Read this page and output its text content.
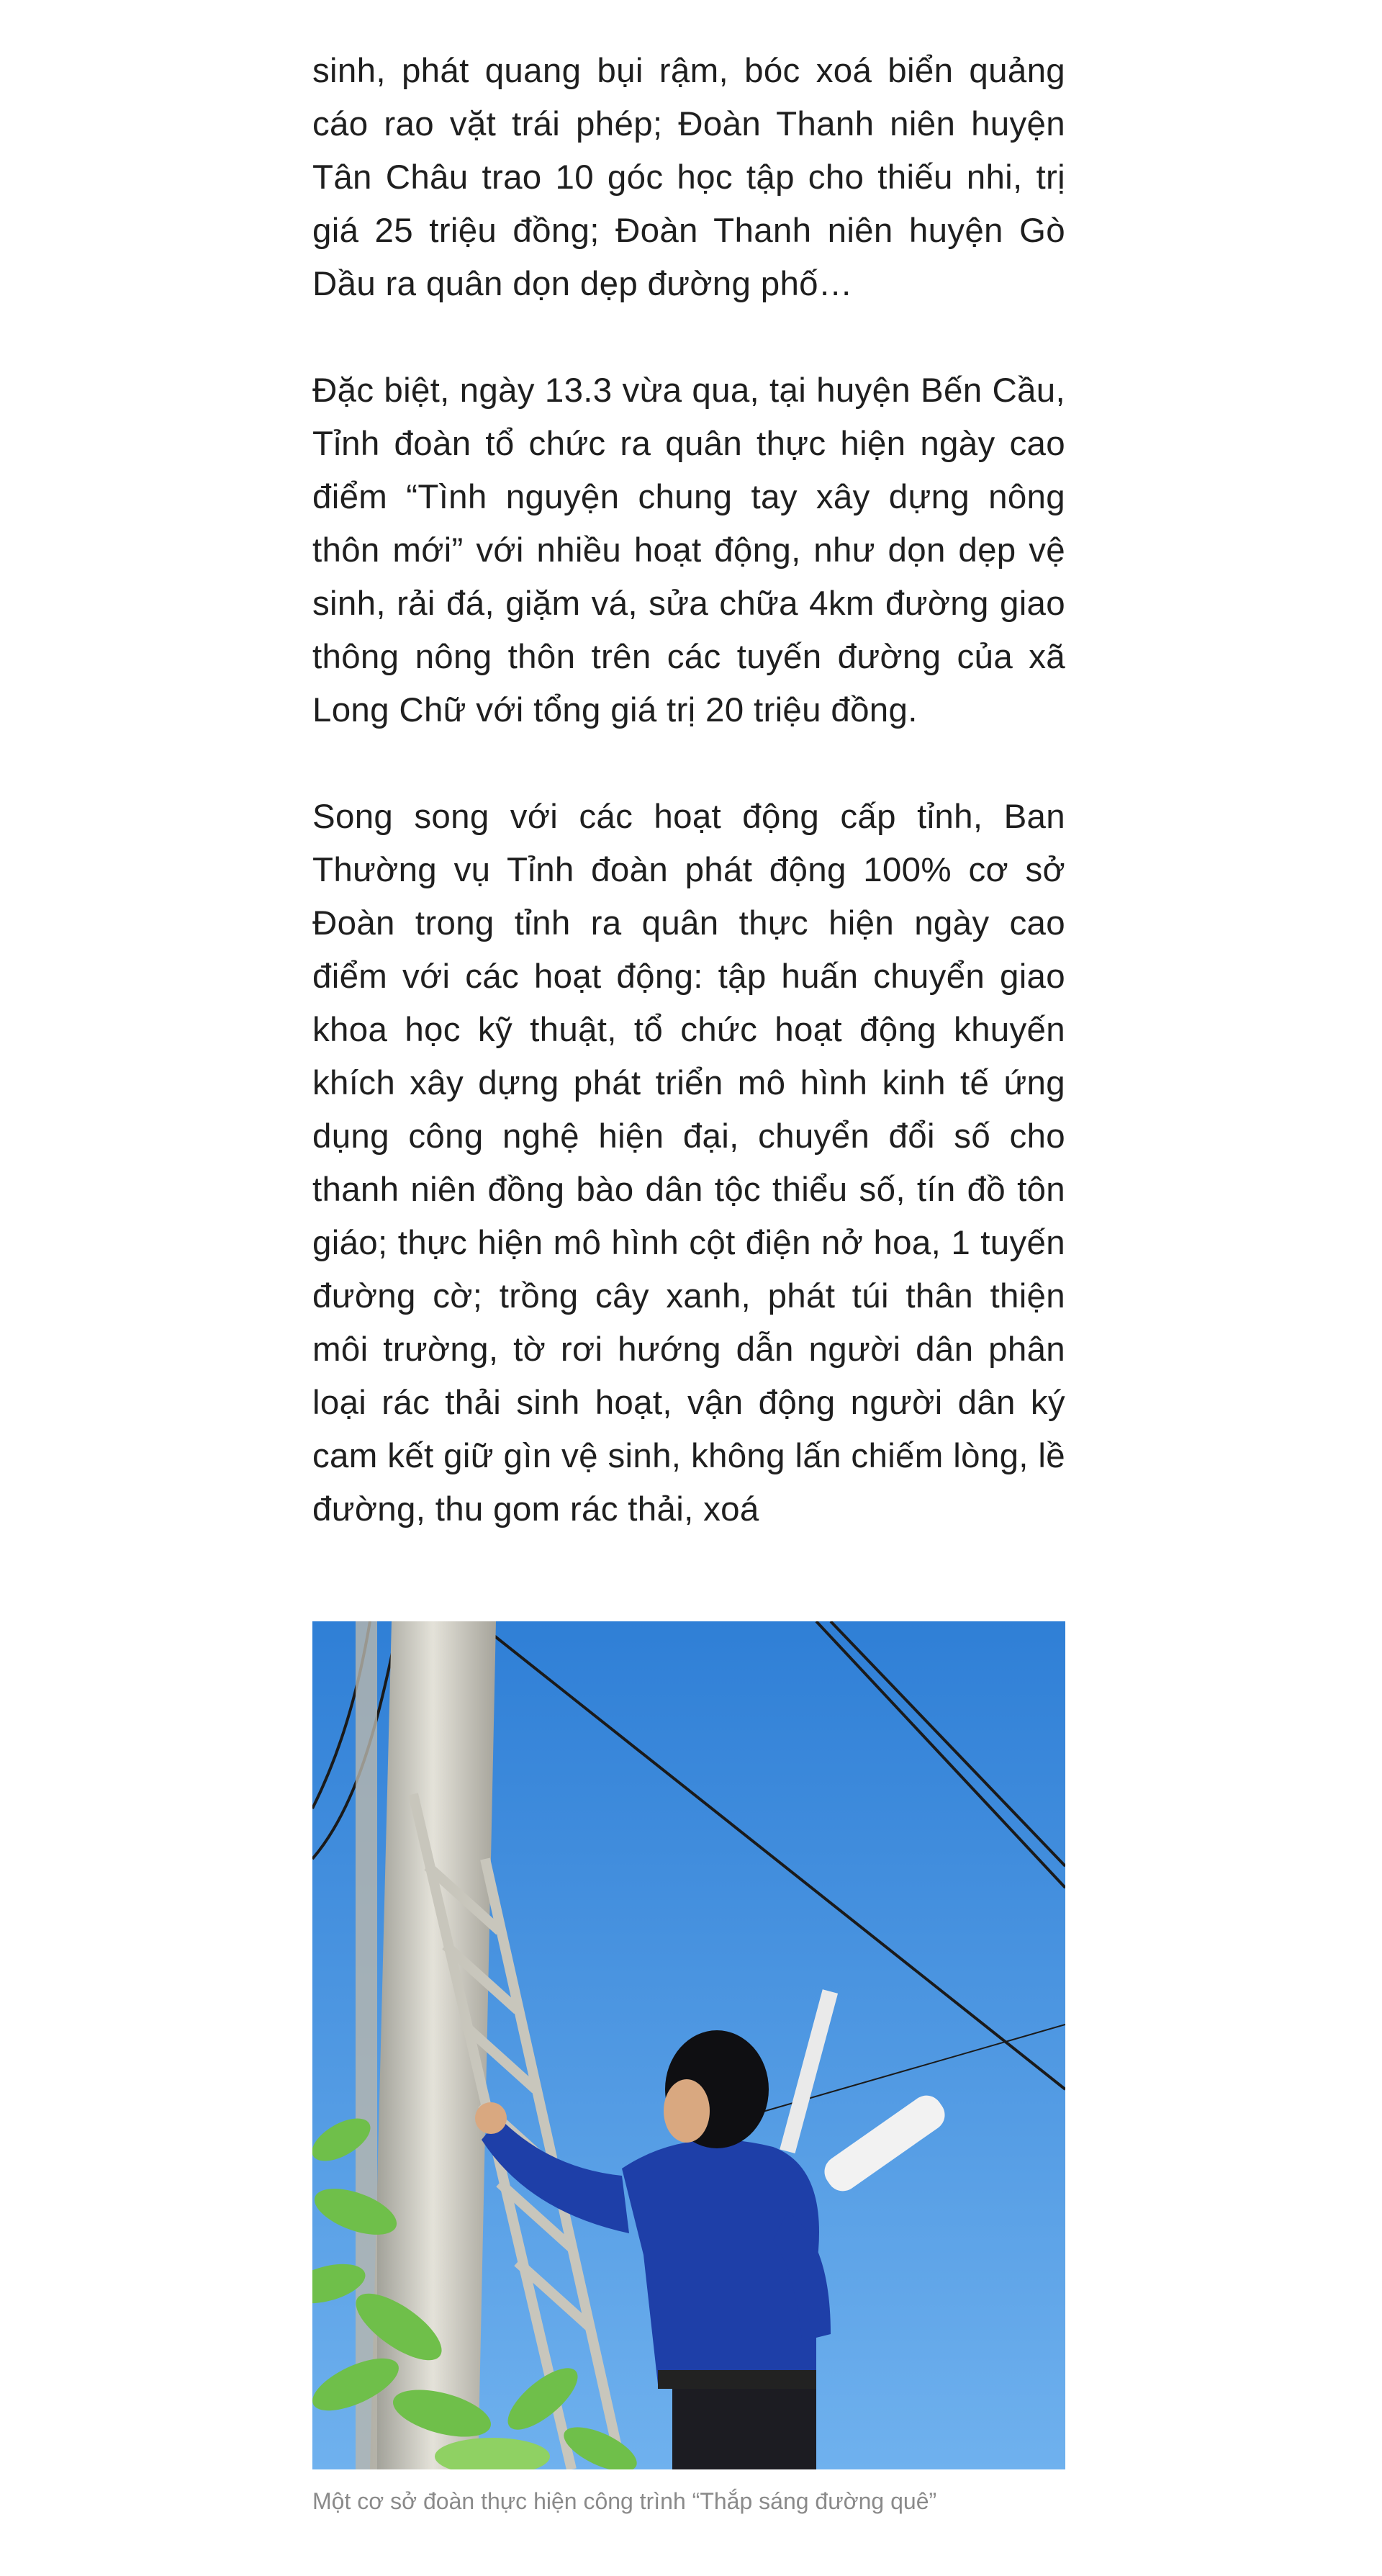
sinh, phát quang bụi rậm, bóc xoá biển quảng cáo rao vặt trái phép; Đoàn Thanh niên huyện Tân Châu trao 10 góc học tập cho thiếu nhi, trị giá 25 triệu đồng; Đoàn Thanh niên huyện Gò Dầu ra quân dọn dẹp đường phố…

Đặc biệt, ngày 13.3 vừa qua, tại huyện Bến Cầu, Tỉnh đoàn tổ chức ra quân thực hiện ngày cao điểm “Tình nguyện chung tay xây dựng nông thôn mới” với nhiều hoạt động, như dọn dẹp vệ sinh, rải đá, giặm vá, sửa chữa 4km đường giao thông nông thôn trên các tuyến đường của xã Long Chữ với tổng giá trị 20 triệu đồng.

Song song với các hoạt động cấp tỉnh, Ban Thường vụ Tỉnh đoàn phát động 100% cơ sở Đoàn trong tỉnh ra quân thực hiện ngày cao điểm với các hoạt động: tập huấn chuyển giao khoa học kỹ thuật, tổ chức hoạt động khuyến khích xây dựng phát triển mô hình kinh tế ứng dụng công nghệ hiện đại, chuyển đổi số cho thanh niên đồng bào dân tộc thiểu số, tín đồ tôn giáo; thực hiện mô hình cột điện nở hoa, 1 tuyến đường cờ; trồng cây xanh, phát túi thân thiện môi trường, tờ rơi hướng dẫn người dân phân loại rác thải sinh hoạt, vận động người dân ký cam kết giữ gìn vệ sinh, không lấn chiếm lòng, lề đường, thu gom rác thải, xoá

Một cơ sở đoàn thực hiện công trình “Thắp sáng đường quê”
